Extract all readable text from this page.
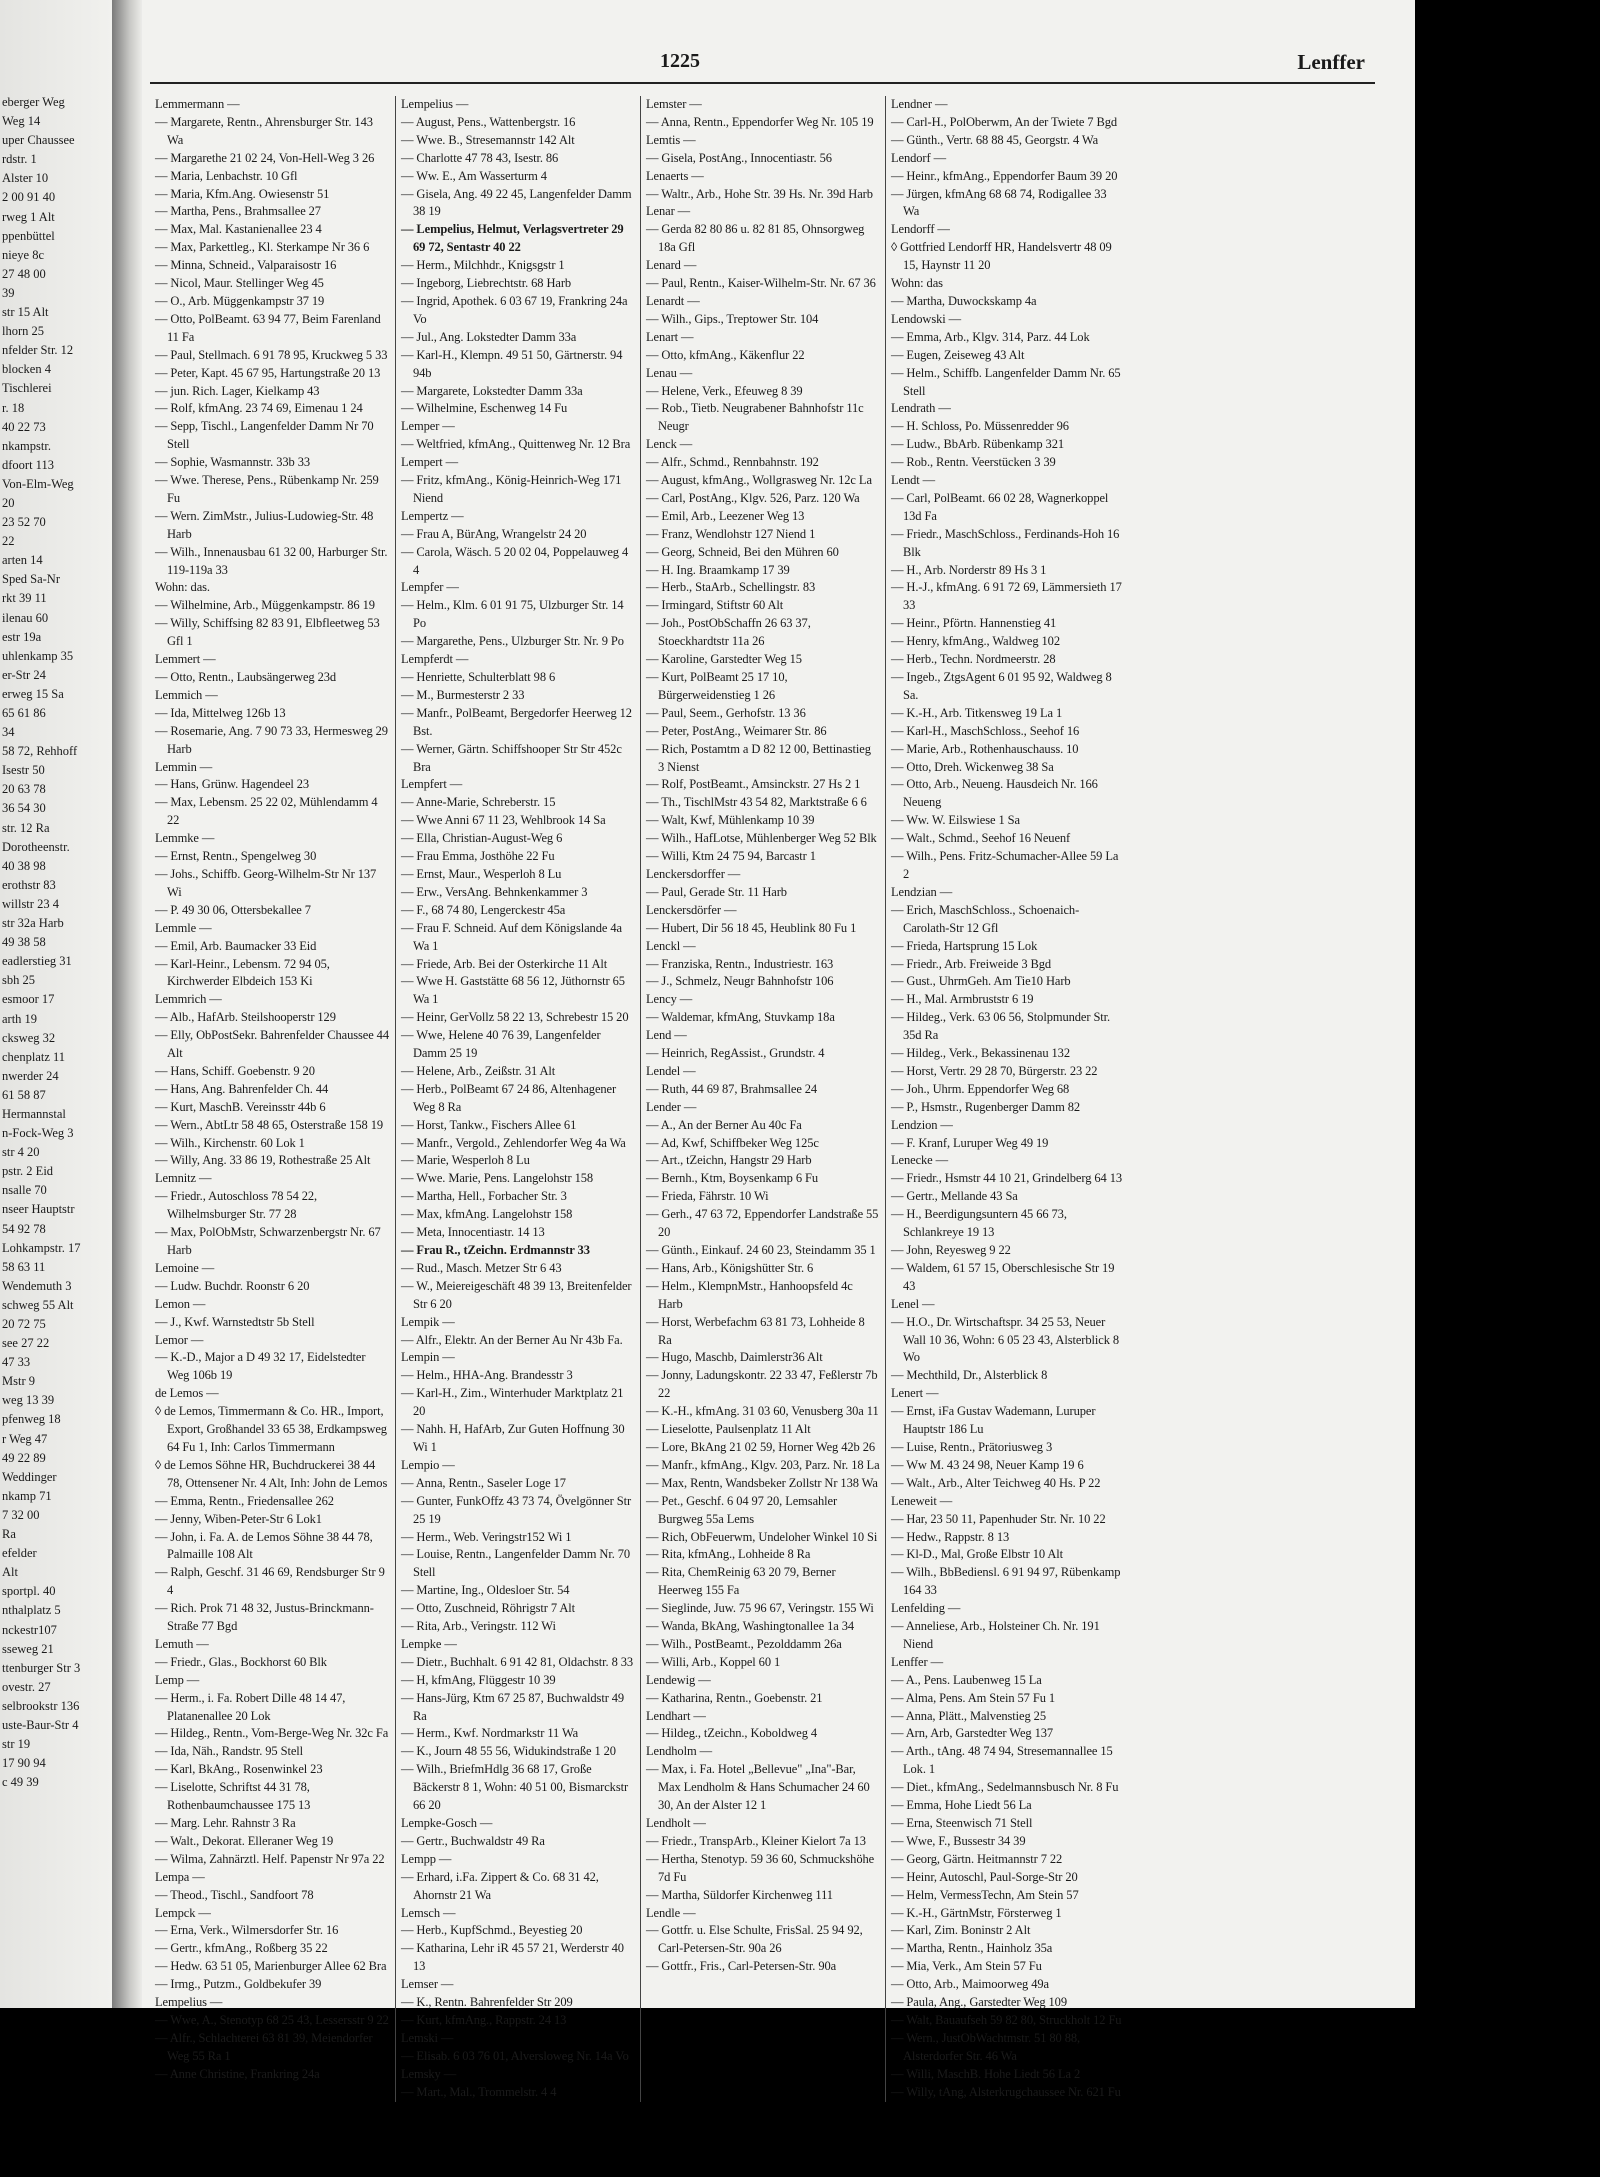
eberger Weg
Weg 14
uper Chaussee
rdstr. 1
Alster 10
2 00 91 40
rweg 1 Alt
ppenbüttel
nieye 8c
27 48 00
39
str 15 Alt
lhorn 25
nfelder Str. 12
blocken 4
Tischlerei
r. 18
40 22 73
nkampstr.
dfoort 113
Von-Elm-Weg
20
23 52 70
22
arten 14
Sped Sa-Nr
rkt 39 11
ilenau 60
estr 19a
uhlenkamp 35
er-Str 24
erweg 15 Sa
65 61 86
34
58 72, Rehhoff
Isestr 50
20 63 78
36 54 30
str. 12 Ra
Dorotheenstr.
40 38 98
erothstr 83
willstr 23 4
str 32a Harb
49 38 58
eadlerstieg 31
sbh 25
esmoor 17
arth 19
cksweg 32
chenplatz 11
nwerder 24
61 58 87
Hermannstal
n-Fock-Weg 3
str 4 20
pstr. 2 Eid
nsalle 70
nseer Hauptstr
54 92 78
Lohkampstr. 17
58 63 11
Wendemuth 3
schweg 55 Alt
20 72 75
see 27 22
47 33
Mstr 9
weg 13 39
pfenweg 18
r Weg 47
49 22 89
Weddinger
nkamp 71
7 32 00
Ra
efelder
Alt
sportpl. 40
nthalplatz 5
nckestr107
sseweg 21
ttenburger Str 3
ovestr. 27
selbrookstr 136
uste-Baur-Str 4
str 19
17 90 94
c 49 39
1225	Lenffer

Lemmermann —

— Margarete, Rentn., Ahrensburger Str. 143 Wa

— Margarethe 21 02 24, Von-Hell-Weg 3 26

— Maria, Lenbachstr. 10 Gfl

— Maria, Kfm.Ang. Owiesenstr 51

— Martha, Pens., Brahmsallee 27

— Max, Mal. Kastanienallee 23 4

— Max, Parkettleg., Kl. Sterkampe Nr 36 6

— Minna, Schneid., Valparaisostr 16

— Nicol, Maur. Stellinger Weg 45

— O., Arb. Müggenkampstr 37 19

— Otto, PolBeamt. 63 94 77, Beim Farenland 11 Fa

— Paul, Stellmach. 6 91 78 95, Kruckweg 5 33

— Peter, Kapt. 45 67 95, Hartungstraße 20 13

— jun. Rich. Lager, Kielkamp 43

— Rolf, kfmAng. 23 74 69, Eimenau 1 24

— Sepp, Tischl., Langenfelder Damm Nr 70 Stell

— Sophie, Wasmannstr. 33b 33

— Wwe. Therese, Pens., Rübenkamp Nr. 259 Fu

— Wern. ZimMstr., Julius-Ludowieg-Str. 48 Harb

— Wilh., Innenausbau 61 32 00, Harburger Str. 119-119a 33

Wohn: das.

— Wilhelmine, Arb., Müggenkampstr. 86 19

— Willy, Schiffsing 82 83 91, Elbfleetweg 53 Gfl 1

Lemmert —

— Otto, Rentn., Laubsängerweg 23d

Lemmich —

— Ida, Mittelweg 126b 13

— Rosemarie, Ang. 7 90 73 33, Hermesweg 29 Harb

Lemmin —

— Hans, Grünw. Hagendeel 23

— Max, Lebensm. 25 22 02, Mühlendamm 4 22

Lemmke —

— Ernst, Rentn., Spengelweg 30

— Johs., Schiffb. Georg-Wilhelm-Str Nr 137 Wi

— P. 49 30 06, Ottersbekallee 7

Lemmle —

— Emil, Arb. Baumacker 33 Eid

— Karl-Heinr., Lebensm. 72 94 05, Kirchwerder Elbdeich 153 Ki

Lemmrich —

— Alb., HafArb. Steilshooperstr 129

— Elly, ObPostSekr. Bahrenfelder Chaussee 44 Alt

— Hans, Schiff. Goebenstr. 9 20

— Hans, Ang. Bahrenfelder Ch. 44

— Kurt, MaschB. Vereinsstr 44b 6

— Wern., AbtLtr 58 48 65, Osterstraße 158 19

— Wilh., Kirchenstr. 60 Lok 1

— Willy, Ang. 33 86 19, Rothestraße 25 Alt

Lemnitz —

— Friedr., Autoschloss 78 54 22, Wilhelmsburger Str. 77 28

— Max, PolObMstr, Schwarzenbergstr Nr. 67 Harb

Lemoine —

— Ludw. Buchdr. Roonstr 6 20

Lemon —

— J., Kwf. Warnstedtstr 5b Stell

Lemor —

— K.-D., Major a D 49 32 17, Eidelstedter Weg 106b 19

de Lemos —

◊ de Lemos, Timmermann & Co. HR., Import, Export, Großhandel 33 65 38, Erdkampsweg 64 Fu 1, Inh: Carlos Timmermann

◊ de Lemos Söhne HR, Buchdruckerei 38 44 78, Ottensener Nr. 4 Alt, Inh: John de Lemos

— Emma, Rentn., Friedensallee 262

— Jenny, Wiben-Peter-Str 6 Lok1

— John, i. Fa. A. de Lemos Söhne 38 44 78, Palmaille 108 Alt

— Ralph, Geschf. 31 46 69, Rendsburger Str 9 4

— Rich. Prok 71 48 32, Justus-Brinckmann-Straße 77 Bgd

Lemuth —

— Friedr., Glas., Bockhorst 60 Blk

Lemp —

— Herm., i. Fa. Robert Dille 48 14 47, Platanenallee 20 Lok

— Hildeg., Rentn., Vom-Berge-Weg Nr. 32c Fa

— Ida, Näh., Randstr. 95 Stell

— Karl, BkAng., Rosenwinkel 23

— Liselotte, Schriftst 44 31 78, Rothenbaumchaussee 175 13

— Marg. Lehr. Rahnstr 3 Ra

— Walt., Dekorat. Elleraner Weg 19

— Wilma, Zahnärztl. Helf. Papenstr Nr 97a 22

Lempa —

— Theod., Tischl., Sandfoort 78

Lempck —

— Erna, Verk., Wilmersdorfer Str. 16

— Gertr., kfmAng., Roßberg 35 22

— Hedw. 63 51 05, Marienburger Allee 62 Bra

— Irmg., Putzm., Goldbekufer 39

Lempelius —

— Wwe, A., Stenotyp 68 25 43, Lessersstr 9 22

— Alfr., Schlachterei 63 81 39, Meiendorfer Weg 55 Ra 1

— Anne Christine, Frankring 24a

Lempelius —

— August, Pens., Wattenbergstr. 16

— Wwe. B., Stresemannstr 142 Alt

— Charlotte 47 78 43, Isestr. 86

— Ww. E., Am Wasserturm 4

— Gisela, Ang. 49 22 45, Langenfelder Damm 38 19

— Lempelius, Helmut, Verlagsvertreter 29 69 72, Sentastr 40 22

— Herm., Milchhdr., Knigsgstr 1

— Ingeborg, Liebrechtstr. 68 Harb

— Ingrid, Apothek. 6 03 67 19, Frankring 24a Vo

— Jul., Ang. Lokstedter Damm 33a

— Karl-H., Klempn. 49 51 50, Gärtnerstr. 94 94b

— Margarete, Lokstedter Damm 33a

— Wilhelmine, Eschenweg 14 Fu

Lemper —

— Weltfried, kfmAng., Quittenweg Nr. 12 Bra

Lempert —

— Fritz, kfmAng., König-Heinrich-Weg 171 Niend

Lempertz —

— Frau A, BürAng, Wrangelstr 24 20

— Carola, Wäsch. 5 20 02 04, Poppelauweg 4 4

Lempfer —

— Helm., Klm. 6 01 91 75, Ulzburger Str. 14 Po

— Margarethe, Pens., Ulzburger Str. Nr. 9 Po

Lempferdt —

— Henriette, Schulterblatt 98 6

— M., Burmesterstr 2 33

— Manfr., PolBeamt, Bergedorfer Heerweg 12 Bst.

— Werner, Gärtn. Schiffshooper Str Str 452c Bra

Lempfert —

— Anne-Marie, Schreberstr. 15

— Wwe Anni 67 11 23, Wehlbrook 14 Sa

— Ella, Christian-August-Weg 6

— Frau Emma, Josthöhe 22 Fu

— Ernst, Maur., Wesperloh 8 Lu

— Erw., VersAng. Behnkenkammer 3

— F., 68 74 80, Lengerckestr 45a

— Frau F. Schneid. Auf dem Königslande 4a Wa 1

— Friede, Arb. Bei der Osterkirche 11 Alt

— Wwe H. Gaststätte 68 56 12, Jüthornstr 65 Wa 1

— Heinr, GerVollz 58 22 13, Schrebestr 15 20

— Wwe, Helene 40 76 39, Langenfelder Damm 25 19

— Helene, Arb., Zeißstr. 31 Alt

— Herb., PolBeamt 67 24 86, Altenhagener Weg 8 Ra

— Horst, Tankw., Fischers Allee 61

— Manfr., Vergold., Zehlendorfer Weg 4a Wa

— Marie, Wesperloh 8 Lu

— Wwe. Marie, Pens. Langelohstr 158

— Martha, Hell., Forbacher Str. 3

— Max, kfmAng. Langelohstr 158

— Meta, Innocentiastr. 14 13

— Frau R., tZeichn. Erdmannstr 33

— Rud., Masch. Metzer Str 6 43

— W., Meiereigeschäft 48 39 13, Breitenfelder Str 6 20

Lempik —

— Alfr., Elektr. An der Berner Au Nr 43b Fa.

Lempin —

— Helm., HHA-Ang. Brandesstr 3

— Karl-H., Zim., Winterhuder Marktplatz 21 20

— Nahh. H, HafArb, Zur Guten Hoffnung 30 Wi 1

Lempio —

— Anna, Rentn., Saseler Loge 17

— Gunter, FunkOffz 43 73 74, Övelgönner Str 25 19

— Herm., Web. Veringstr152 Wi 1

— Louise, Rentn., Langenfelder Damm Nr. 70 Stell

— Martine, Ing., Oldesloer Str. 54

— Otto, Zuschneid, Röhrigstr 7 Alt

— Rita, Arb., Veringstr. 112 Wi

Lempke —

— Dietr., Buchhalt. 6 91 42 81, Oldachstr. 8 33

— H, kfmAng, Flüggestr 10 39

— Hans-Jürg, Ktm 67 25 87, Buchwaldstr 49 Ra

— Herm., Kwf. Nordmarkstr 11 Wa

— K., Journ 48 55 56, Widukindstraße 1 20

— Wilh., BriefmHdlg 36 68 17, Große Bäckerstr 8 1, Wohn: 40 51 00, Bismarckstr 66 20

Lempke-Gosch —

— Gertr., Buchwaldstr 49 Ra

Lempp —

— Erhard, i.Fa. Zippert & Co. 68 31 42, Ahornstr 21 Wa

Lemsch —

— Herb., KupfSchmd., Beyestieg 20

— Katharina, Lehr iR 45 57 21, Werderstr 40 13

Lemser —

— K., Rentn. Bahrenfelder Str 209

— Kurt, kfmAng., Rappstr. 24 13

Lemski —

— Elisab. 6 03 76 01, Alversloweg Nr. 14a Vo

Lemsky —

— Mart., Mal., Trommelstr. 4 4

Lemster —

— Anna, Rentn., Eppendorfer Weg Nr. 105 19

Lemtis —

— Gisela, PostAng., Innocentiastr. 56

Lenaerts —

— Waltr., Arb., Hohe Str. 39 Hs. Nr. 39d Harb

Lenar —

— Gerda 82 80 86 u. 82 81 85, Ohnsorgweg 18a Gfl

Lenard —

— Paul, Rentn., Kaiser-Wilhelm-Str. Nr. 67 36

Lenardt —

— Wilh., Gips., Treptower Str. 104

Lenart —

— Otto, kfmAng., Käkenflur 22

Lenau —

— Helene, Verk., Efeuweg 8 39

— Rob., Tietb. Neugrabener Bahnhofstr 11c Neugr

Lenck —

— Alfr., Schmd., Rennbahnstr. 192

— August, kfmAng., Wollgrasweg Nr. 12c La

— Carl, PostAng., Klgv. 526, Parz. 120 Wa

— Emil, Arb., Leezener Weg 13

— Franz, Wendlohstr 127 Niend 1

— Georg, Schneid, Bei den Mühren 60

— H. Ing. Braamkamp 17 39

— Herb., StaArb., Schellingstr. 83

— Irmingard, Stiftstr 60 Alt

— Joh., PostObSchaffn 26 63 37, Stoeckhardtstr 11a 26

— Karoline, Garstedter Weg 15

— Kurt, PolBeamt 25 17 10, Bürgerweidenstieg 1 26

— Paul, Seem., Gerhofstr. 13 36

— Peter, PostAng., Weimarer Str. 86

— Rich, Postamtm a D 82 12 00, Bettinastieg 3 Nienst

— Rolf, PostBeamt., Amsinckstr. 27 Hs 2 1

— Th., TischlMstr 43 54 82, Marktstraße 6 6

— Walt, Kwf, Mühlenkamp 10 39

— Wilh., HafLotse, Mühlenberger Weg 52 Blk

— Willi, Ktm 24 75 94, Barcastr 1

Lenckersdorffer —

— Paul, Gerade Str. 11 Harb

Lenckersdörfer —

— Hubert, Dir 56 18 45, Heublink 80 Fu 1

Lenckl —

— Franziska, Rentn., Industriestr. 163

— J., Schmelz, Neugr Bahnhofstr 106

Lency —

— Waldemar, kfmAng, Stuvkamp 18a

Lend —

— Heinrich, RegAssist., Grundstr. 4

Lendel —

— Ruth, 44 69 87, Brahmsallee 24

Lender —

— A., An der Berner Au 40c Fa

— Ad, Kwf, Schiffbeker Weg 125c

— Art., tZeichn, Hangstr 29 Harb

— Bernh., Ktm, Boysenkamp 6 Fu

— Frieda, Fährstr. 10 Wi

— Gerh., 47 63 72, Eppendorfer Landstraße 55 20

— Günth., Einkauf. 24 60 23, Steindamm 35 1

— Hans, Arb., Königshütter Str. 6

— Helm., KlempnMstr., Hanhoopsfeld 4c Harb

— Horst, Werbefachm 63 81 73, Lohheide 8 Ra

— Hugo, Maschb, Daimlerstr36 Alt

— Jonny, Ladungskontr. 22 33 47, Feßlerstr 7b 22

— K.-H., kfmAng. 31 03 60, Venusberg 30a 11

— Lieselotte, Paulsenplatz 11 Alt

— Lore, BkAng 21 02 59, Horner Weg 42b 26

— Manfr., kfmAng., Klgv. 203, Parz. Nr. 18 La

— Max, Rentn, Wandsbeker Zollstr Nr 138 Wa

— Pet., Geschf. 6 04 97 20, Lemsahler Burgweg 55a Lems

— Rich, ObFeuerwm, Undeloher Winkel 10 Si

— Rita, kfmAng., Lohheide 8 Ra

— Rita, ChemReinig 63 20 79, Berner Heerweg 155 Fa

— Sieglinde, Juw. 75 96 67, Veringstr. 155 Wi

— Wanda, BkAng, Washingtonallee 1a 34

— Wilh., PostBeamt., Pezolddamm 26a

— Willi, Arb., Koppel 60 1

Lendewig —

— Katharina, Rentn., Goebenstr. 21

Lendhart —

— Hildeg., tZeichn., Koboldweg 4

Lendholm —

— Max, i. Fa. Hotel „Bellevue" „Ina"-Bar, Max Lendholm & Hans Schumacher 24 60 30, An der Alster 12 1

Lendholt —

— Friedr., TranspArb., Kleiner Kielort 7a 13

— Hertha, Stenotyp. 59 36 60, Schmuckshöhe 7d Fu

— Martha, Süldorfer Kirchenweg 111

Lendle —

— Gottfr. u. Else Schulte, FrisSal. 25 94 92, Carl-Petersen-Str. 90a 26

— Gottfr., Fris., Carl-Petersen-Str. 90a

Lendner —

— Carl-H., PolOberwm, An der Twiete 7 Bgd

— Günth., Vertr. 68 88 45, Georgstr. 4 Wa

Lendorf —

— Heinr., kfmAng., Eppendorfer Baum 39 20

— Jürgen, kfmAng 68 68 74, Rodigallee 33 Wa

Lendorff —

◊ Gottfried Lendorff HR, Handelsvertr 48 09 15, Haynstr 11 20

Wohn: das

— Martha, Duwockskamp 4a

Lendowski —

— Emma, Arb., Klgv. 314, Parz. 44 Lok

— Eugen, Zeiseweg 43 Alt

— Helm., Schiffb. Langenfelder Damm Nr. 65 Stell

Lendrath —

— H. Schloss, Po. Müssenredder 96

— Ludw., BbArb. Rübenkamp 321

— Rob., Rentn. Veerstücken 3 39

Lendt —

— Carl, PolBeamt. 66 02 28, Wagnerkoppel 13d Fa

— Friedr., MaschSchloss., Ferdinands-Hoh 16 Blk

— H., Arb. Norderstr 89 Hs 3 1

— H.-J., kfmAng. 6 91 72 69, Lämmersieth 17 33

— Heinr., Pförtn. Hannenstieg 41

— Henry, kfmAng., Waldweg 102

— Herb., Techn. Nordmeerstr. 28

— Ingeb., ZtgsAgent 6 01 95 92, Waldweg 8 Sa.

— K.-H., Arb. Titkensweg 19 La 1

— Karl-H., MaschSchloss., Seehof 16

— Marie, Arb., Rothenhauschauss. 10

— Otto, Dreh. Wickenweg 38 Sa

— Otto, Arb., Neueng. Hausdeich Nr. 166 Neueng

— Ww. W. Eilswiese 1 Sa

— Walt., Schmd., Seehof 16 Neuenf

— Wilh., Pens. Fritz-Schumacher-Allee 59 La 2

Lendzian —

— Erich, MaschSchloss., Schoenaich-Carolath-Str 12 Gfl

— Frieda, Hartsprung 15 Lok

— Friedr., Arb. Freiweide 3 Bgd

— Gust., UhrmGeh. Am Tie10 Harb

— H., Mal. Armbruststr 6 19

— Hildeg., Verk. 63 06 56, Stolpmunder Str. 35d Ra

— Hildeg., Verk., Bekassinenau 132

— Horst, Vertr. 29 28 70, Bürgerstr. 23 22

— Joh., Uhrm. Eppendorfer Weg 68

— P., Hsmstr., Rugenberger Damm 82

Lendzion —

— F. Kranf, Luruper Weg 49 19

Lenecke —

— Friedr., Hsmstr 44 10 21, Grindelberg 64 13

— Gertr., Mellande 43 Sa

— H., Beerdigungsuntern 45 66 73, Schlankreye 19 13

— John, Reyesweg 9 22

— Waldem, 61 57 15, Oberschlesische Str 19 43

Lenel —

— H.O., Dr. Wirtschaftspr. 34 25 53, Neuer Wall 10 36, Wohn: 6 05 23 43, Alsterblick 8 Wo

— Mechthild, Dr., Alsterblick 8

Lenert —

— Ernst, iFa Gustav Wademann, Luruper Hauptstr 186 Lu

— Luise, Rentn., Prätoriusweg 3

— Ww M. 43 24 98, Neuer Kamp 19 6

— Walt., Arb., Alter Teichweg 40 Hs. P 22

Leneweit —

— Har, 23 50 11, Papenhuder Str. Nr. 10 22

— Hedw., Rappstr. 8 13

— Kl-D., Mal, Große Elbstr 10 Alt

— Wilh., BbBediensl. 6 91 94 97, Rübenkamp 164 33

Lenfelding —

— Anneliese, Arb., Holsteiner Ch. Nr. 191 Niend

Lenffer —

— A., Pens. Laubenweg 15 La

— Alma, Pens. Am Stein 57 Fu 1

— Anna, Plätt., Malvenstieg 25

— Arn, Arb, Garstedter Weg 137

— Arth., tAng. 48 74 94, Stresemannallee 15 Lok. 1

— Diet., kfmAng., Sedelmannsbusch Nr. 8 Fu

— Emma, Hohe Liedt 56 La

— Erna, Steenwisch 71 Stell

— Wwe, F., Bussestr 34 39

— Georg, Gärtn. Heitmannstr 7 22

— Heinr, Autoschl, Paul-Sorge-Str 20

— Helm, VermessTechn, Am Stein 57

— K.-H., GärtnMstr, Försterweg 1

— Karl, Zim. Boninstr 2 Alt

— Martha, Rentn., Hainholz 35a

— Mia, Verk., Am Stein 57 Fu

— Otto, Arb., Maimoorweg 49a

— Paula, Ang., Garstedter Weg 109

— Walt, Bauaufseh 59 82 80, Struckholt 12 Fu

— Wern., JustObWachtmstr. 51 80 88, Alsterdorfer Str. 46 Wa

— Willi, MaschB. Hohe Liedt 56 La 2

— Willy, tAng, Alsterkrugchaussee Nr. 621 Fu
